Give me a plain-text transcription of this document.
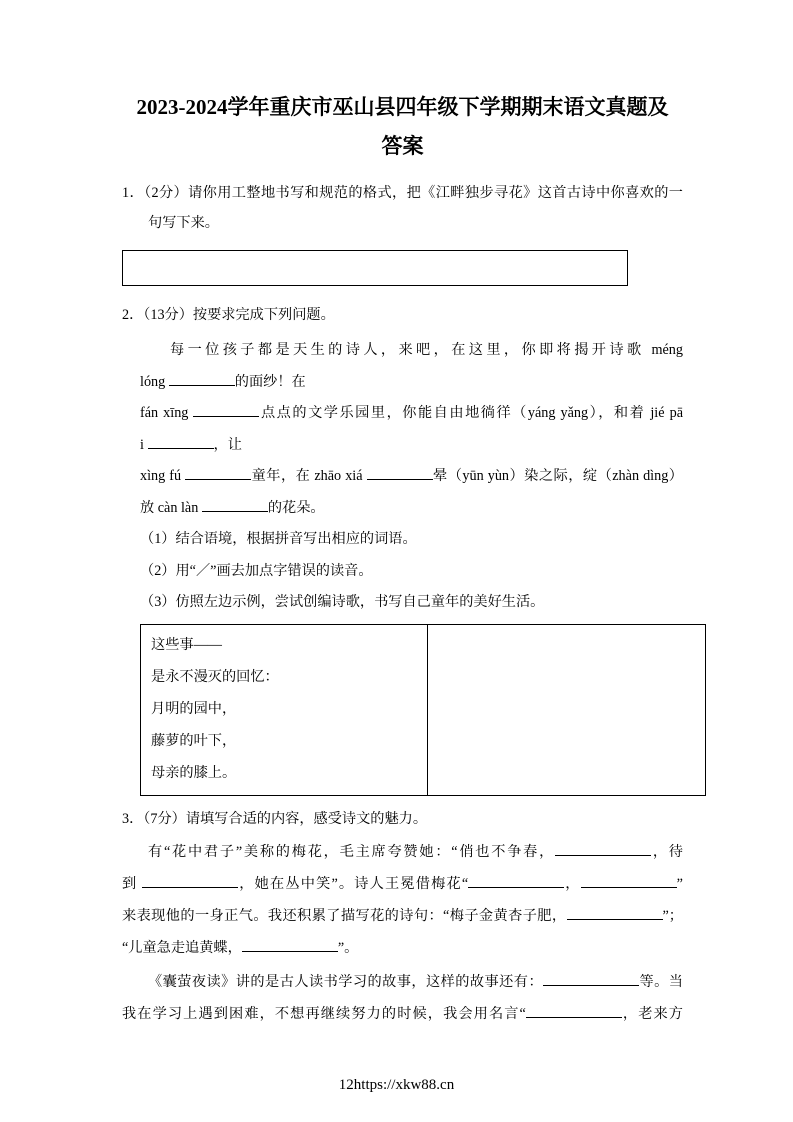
2023-2024学年重庆市巫山县四年级下学期期末语文真题及
答案
1．（2分）请你用工整地书写和规范的格式，把《江畔独步寻花》这首古诗中你喜欢的一
句写下来。
2．（13分）按要求完成下列问题。
每一位孩子都是天生的诗人，来吧，在这里，你即将揭开诗歌 méng
lóng	的面纱！在
fán xīng	点点的文学乐园里，你能自由地徜徉（yáng yǎng），和着 jié pā
i	，让
xìng fú	童年，在 zhāo xiá	晕（yūn yùn）染之际，绽（zhàn dìng）
放 càn làn	的花朵。
（1）结合语境，根据拼音写出相应的词语。
（2）用“／”画去加点字错误的读音。
（3）仿照左边示例，尝试创编诗歌，书写自己童年的美好生活。
这些事——
是永不漫灭的回忆：
月明的园中，
藤萝的叶下，
母亲的膝上。

3．（7分）请填写合适的内容，感受诗文的魅力。
有“花中君子”美称的梅花，毛主席夸赞她：“俏也不争春，	，待
到	，她在丛中笑”。诗人王冕借梅花“	，	”
来表现他的一身正气。我还积累了描写花的诗句：“梅子金黄杏子肥，	”；
“儿童急走追黄蝶，	”。
《囊萤夜读》讲的是古人读书学习的故事，这样的故事还有：	等。当
我在学习上遇到困难，不想再继续努力的时候，我会用名言“	，老来方
12https://xkw88.cn
